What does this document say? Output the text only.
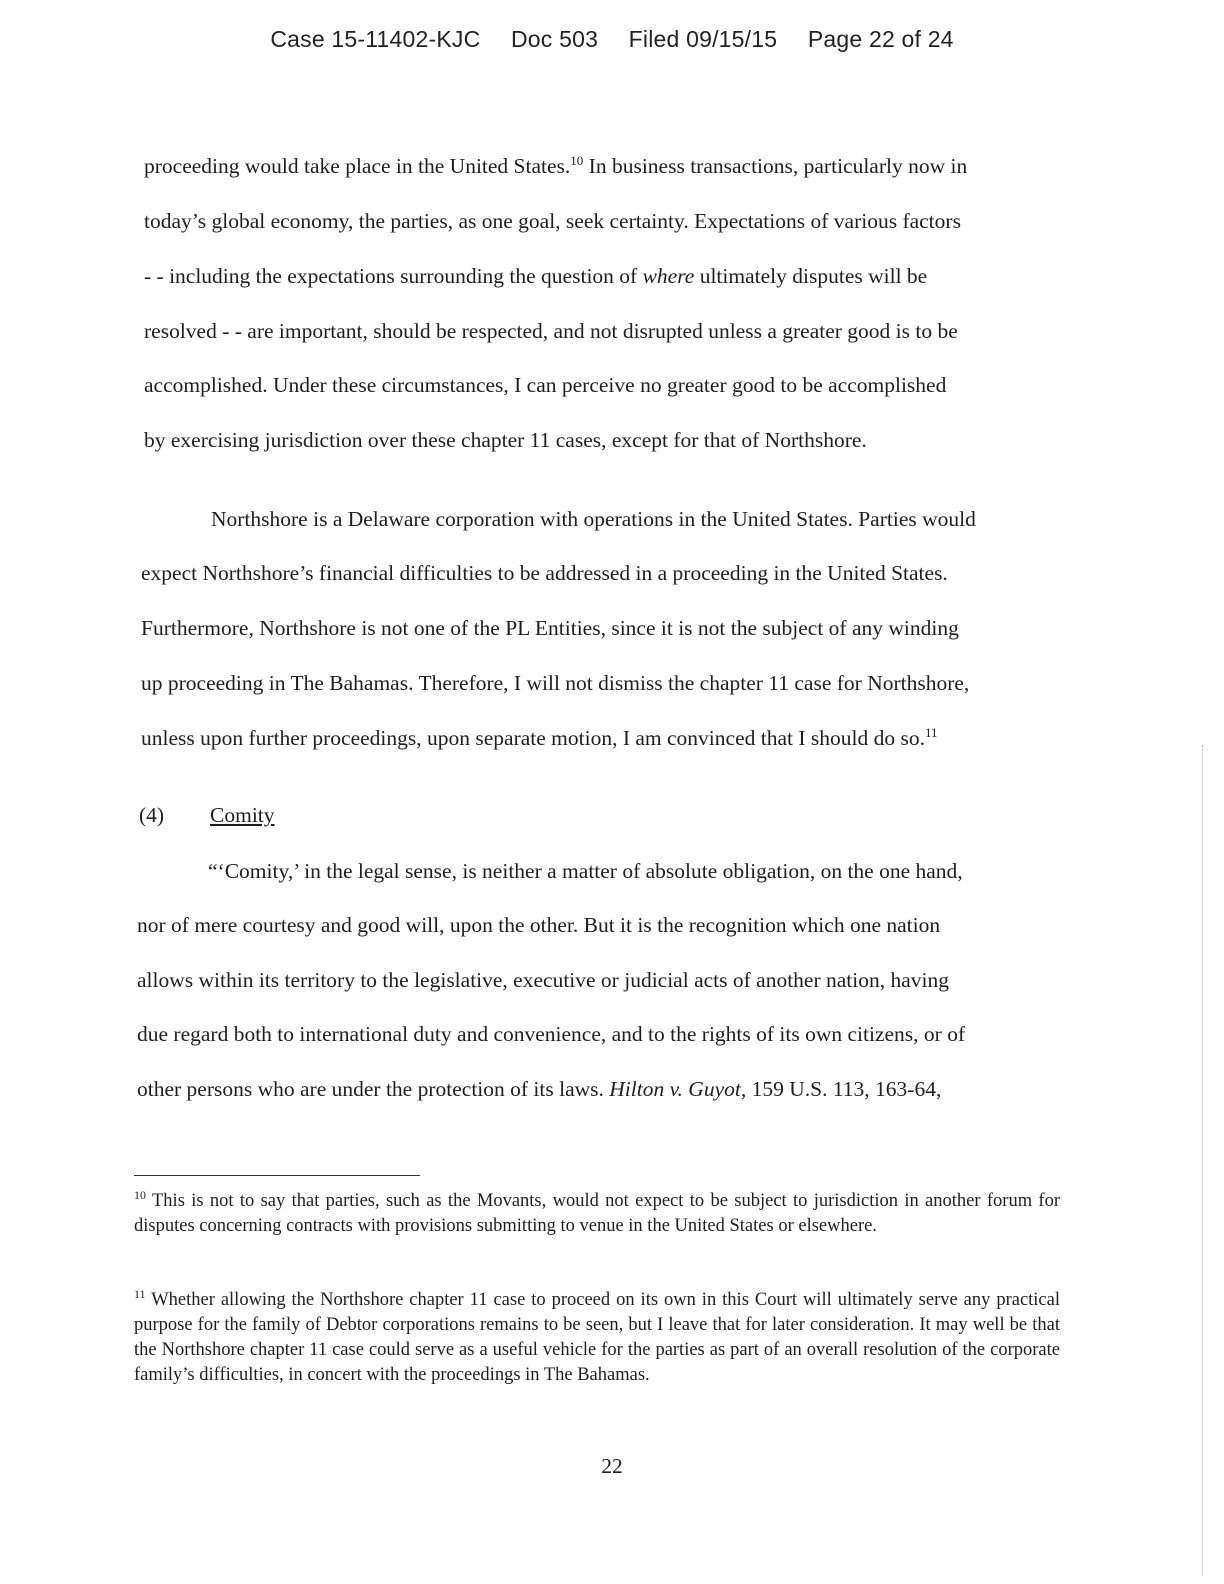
Case 15-11402-KJC Doc 503 Filed 09/15/15 Page 22 of 24
proceeding would take place in the United States.$^{10}$ In business transactions, particularly now in
today’s global economy, the parties, as one goal, seek certainty. Expectations of various factors
- - including the expectations surrounding the question of where ultimately disputes will be
resolved - - are important, should be respected, and not disrupted unless a greater good is to be
accomplished. Under these circumstances, I can perceive no greater good to be accomplished
by exercising jurisdiction over these chapter 11 cases, except for that of Northshore.
Northshore is a Delaware corporation with operations in the United States. Parties would
expect Northshore’s financial difficulties to be addressed in a proceeding in the United States.
Furthermore, Northshore is not one of the PL Entities, since it is not the subject of any winding
up proceeding in The Bahamas. Therefore, I will not dismiss the chapter 11 case for Northshore,
unless upon further proceedings, upon separate motion, I am convinced that I should do so.$^{11}$
(4) Comity
“‘Comity,’ in the legal sense, is neither a matter of absolute obligation, on the one hand,
nor of mere courtesy and good will, upon the other. But it is the recognition which one nation
allows within its territory to the legislative, executive or judicial acts of another nation, having
due regard both to international duty and convenience, and to the rights of its own citizens, or of
other persons who are under the protection of its laws. Hilton v. Guyot, 159 U.S. 113, 163-64,
$^{10}$ This is not to say that parties, such as the Movants, would not expect to be subject to jurisdiction in another forum for disputes concerning contracts with provisions submitting to venue in the United States or elsewhere.
$^{11}$ Whether allowing the Northshore chapter 11 case to proceed on its own in this Court will ultimately serve any practical purpose for the family of Debtor corporations remains to be seen, but I leave that for later consideration. It may well be that the Northshore chapter 11 case could serve as a useful vehicle for the parties as part of an overall resolution of the corporate family’s difficulties, in concert with the proceedings in The Bahamas.
22
